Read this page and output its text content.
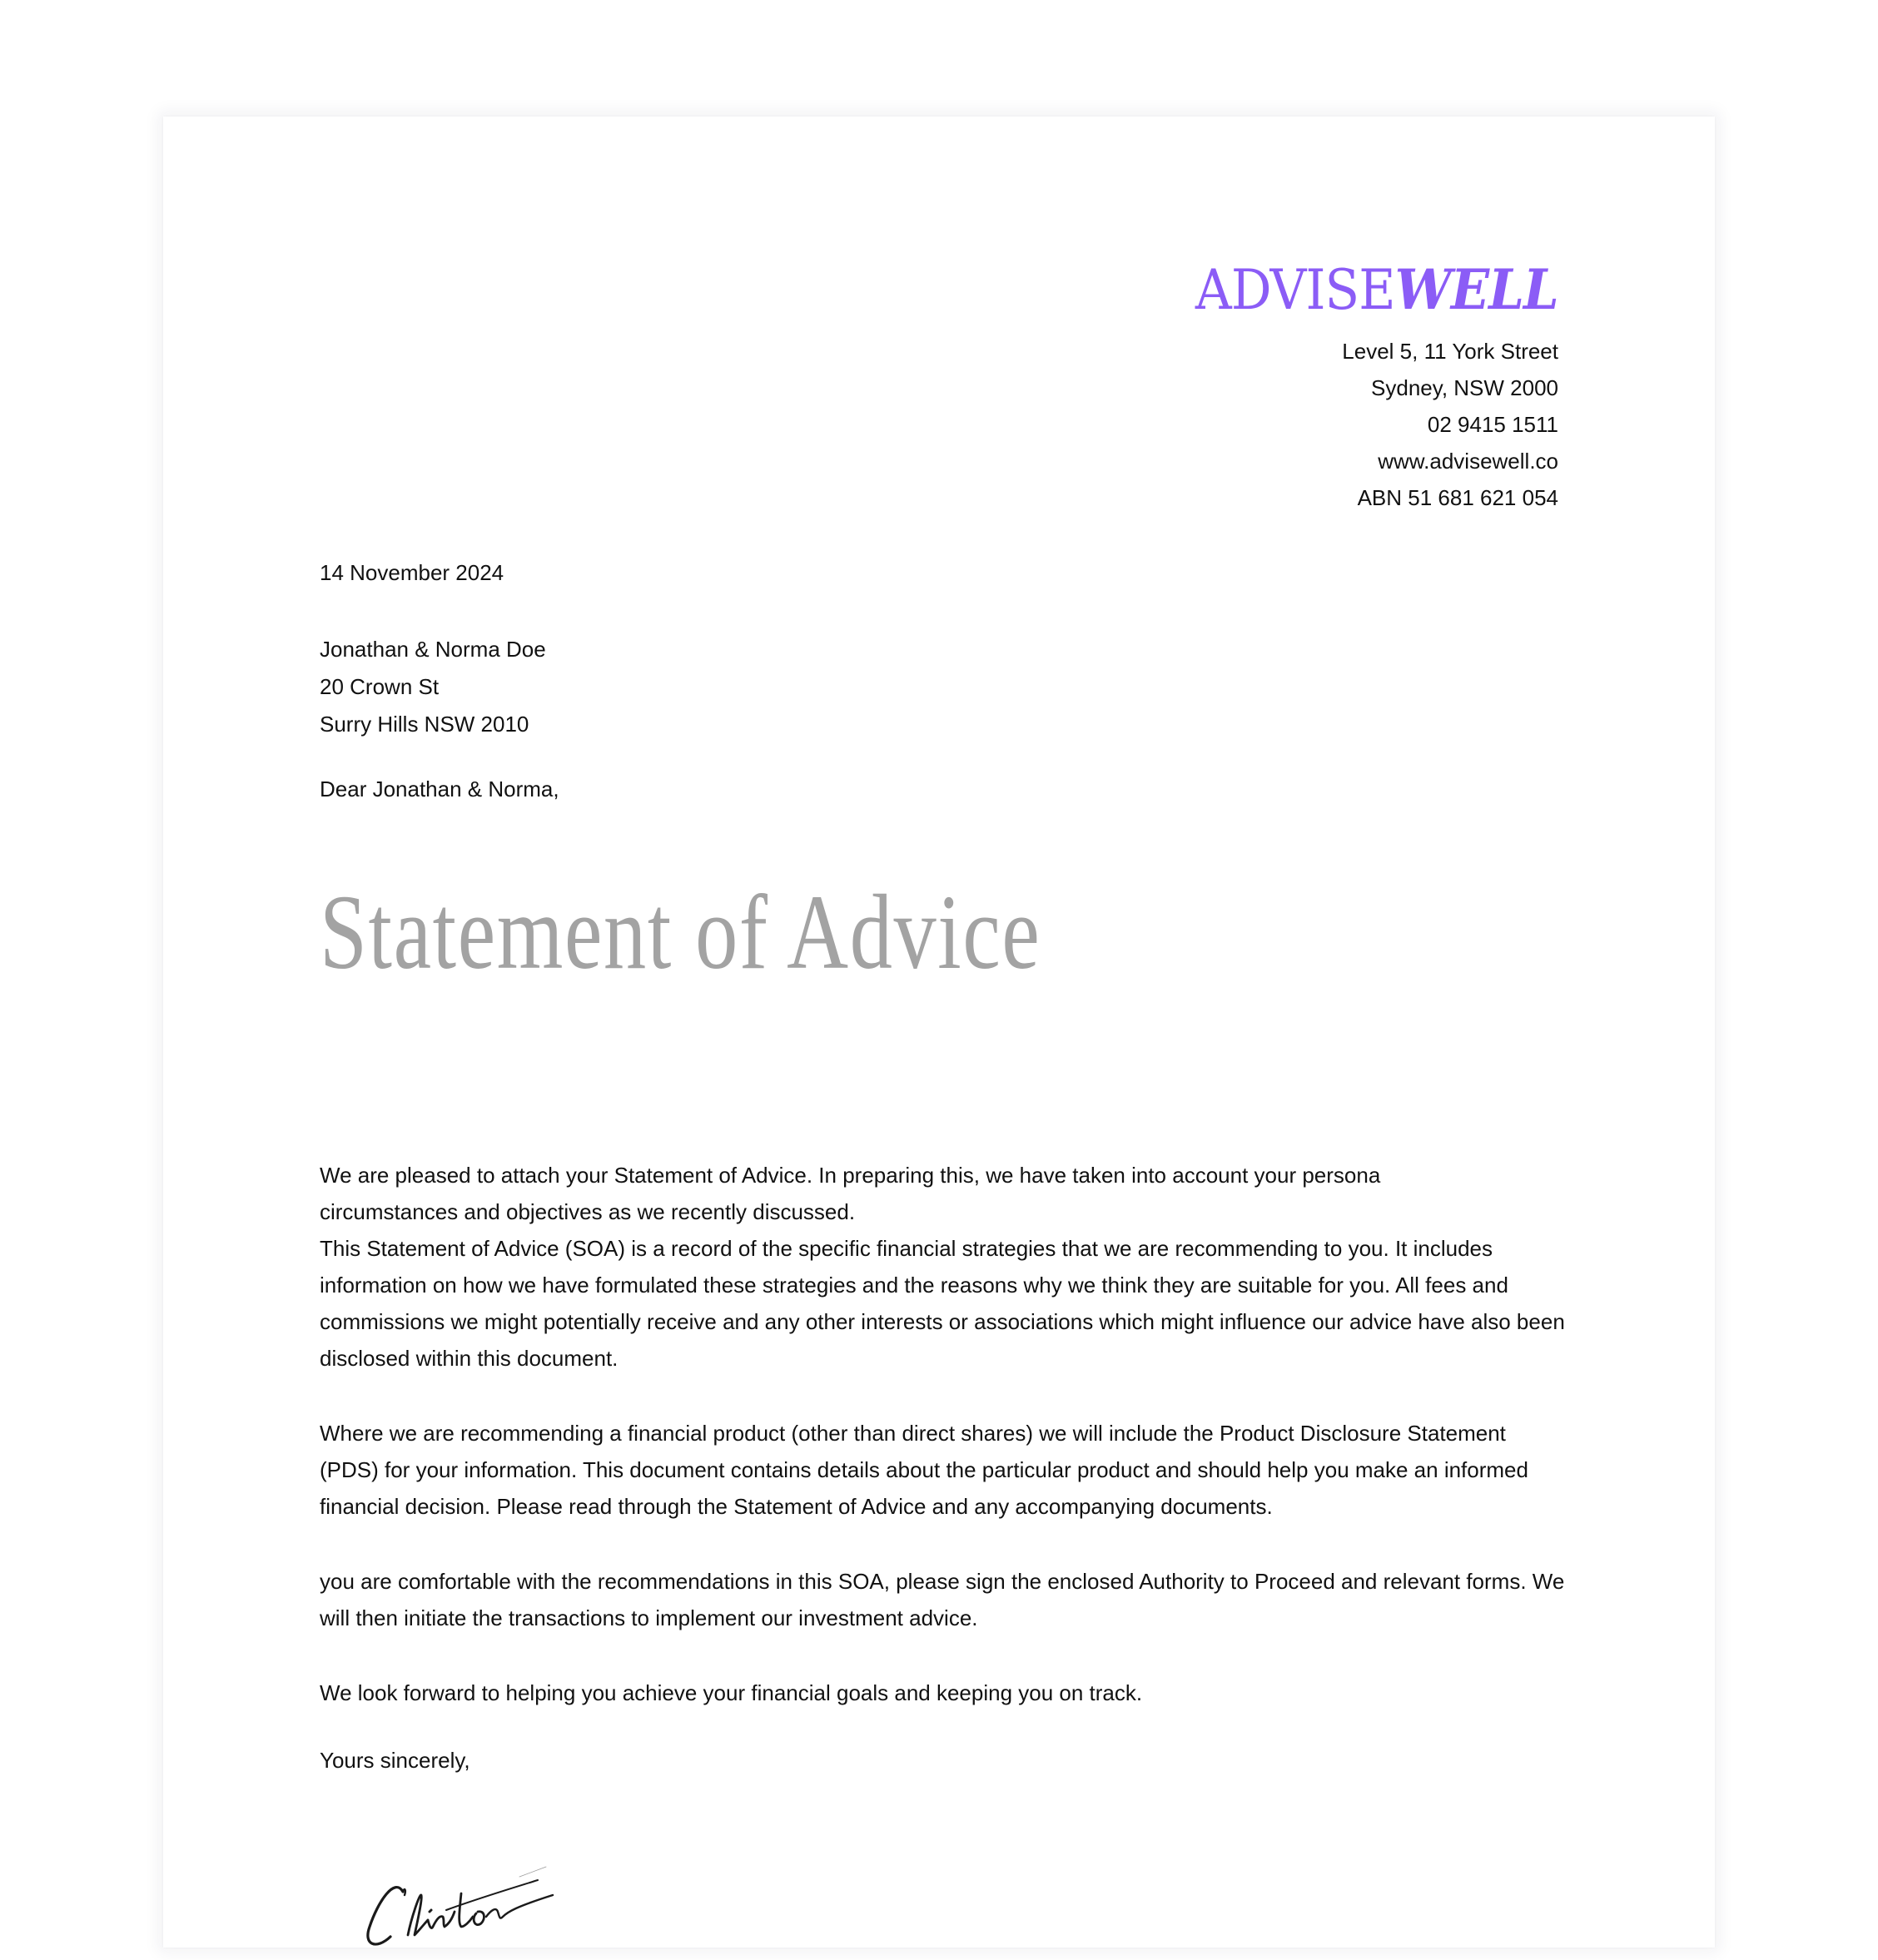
ADVISEWELL
Level 5, 11 York Street
Sydney, NSW 2000
02 9415 1511
www.advisewell.co
ABN 51 681 621 054
14 November 2024
Jonathan & Norma Doe
20 Crown St
Surry Hills NSW 2010
Dear Jonathan & Norma,
Statement of Advice

We are pleased to attach your Statement of Advice. In preparing this, we have taken into account your persona circumstances and objectives as we recently discussed.

This Statement of Advice (SOA) is a record of the specific financial strategies that we are recommending to you. It includes information on how we have formulated these strategies and the reasons why we think they are suitable for you. All fees and commissions we might potentially receive and any other interests or associations which might influence our advice have also been disclosed within this document.

Where we are recommending a financial product (other than direct shares) we will include the Product Disclosure Statement (PDS) for your information. This document contains details about the particular product and should help you make an informed financial decision. Please read through the Statement of Advice and any accompanying documents.

you are comfortable with the recommendations in this SOA, please sign the enclosed Authority to Proceed and relevant forms. We will then initiate the transactions to implement our investment advice.

We look forward to helping you achieve your financial goals and keeping you on track.

Yours sincerely,
